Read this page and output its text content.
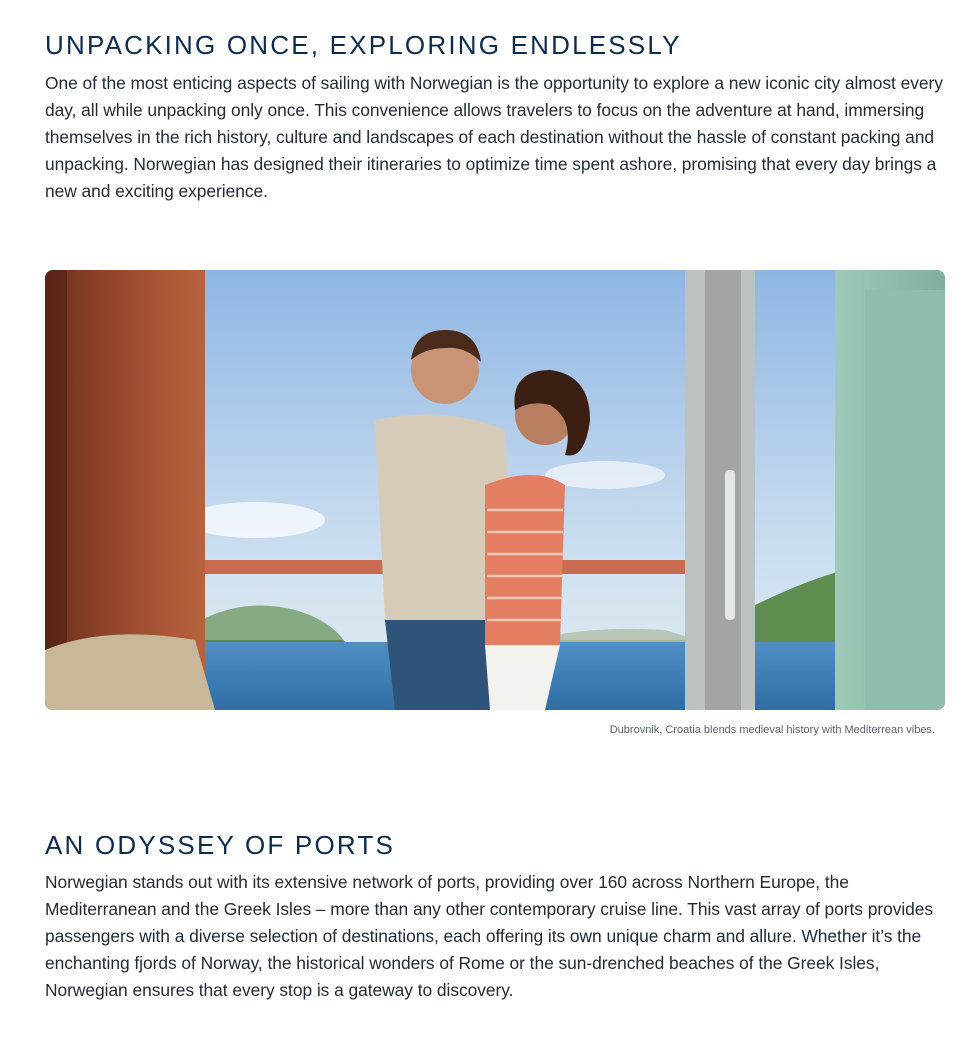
UNPACKING ONCE, EXPLORING ENDLESSLY

One of the most enticing aspects of sailing with Norwegian is the opportunity to explore a new iconic city almost every day, all while unpacking only once. This convenience allows travelers to focus on the adventure at hand, immersing themselves in the rich history, culture and landscapes of each destination without the hassle of constant packing and unpacking. Norwegian has designed their itineraries to optimize time spent ashore, promising that every day brings a new and exciting experience.

Dubrovnik, Croatia blends medieval history with Mediterrean vibes.
AN ODYSSEY OF PORTS

Norwegian stands out with its extensive network of ports, providing over 160 across Northern Europe, the Mediterranean and the Greek Isles – more than any other contemporary cruise line. This vast array of ports provides passengers with a diverse selection of destinations, each offering its own unique charm and allure. Whether it’s the enchanting fjords of Norway, the historical wonders of Rome or the sun-drenched beaches of the Greek Isles, Norwegian ensures that every stop is a gateway to discovery.
